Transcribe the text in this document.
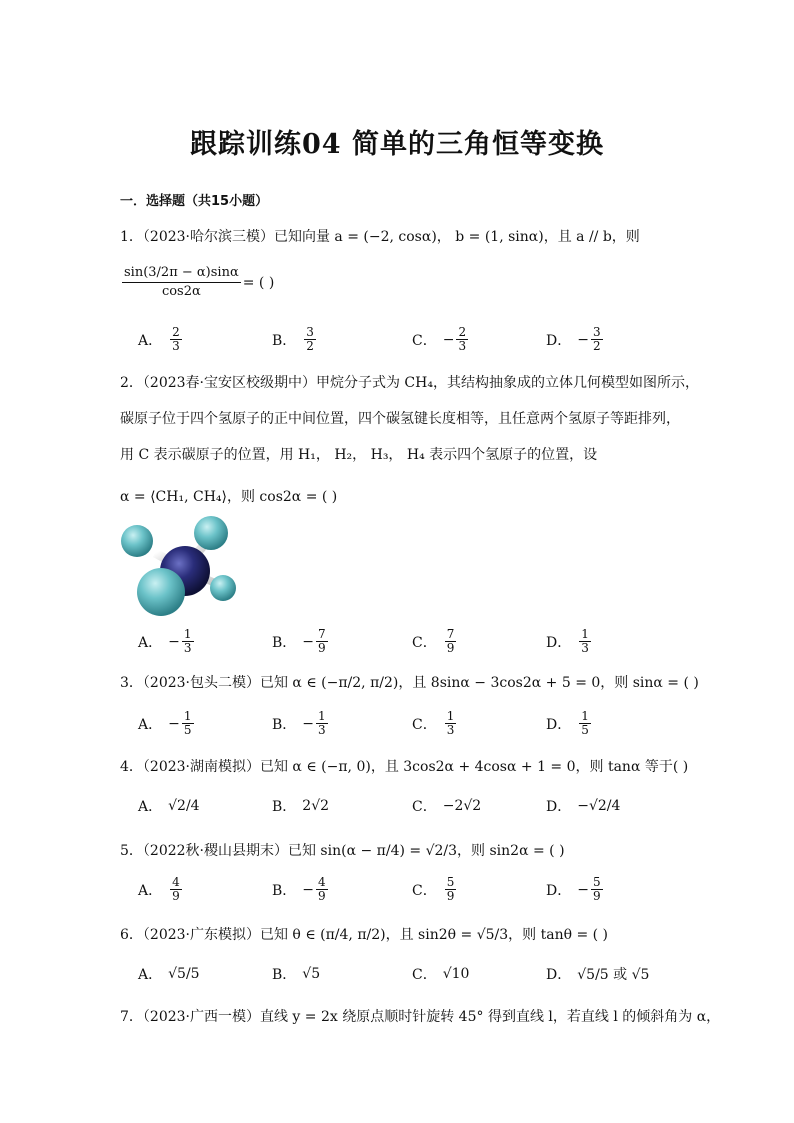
跟踪训练04 简单的三角恒等变换
一．选择题（共15小题）
1．（2023·哈尔滨三模）已知向量 a = (−2, cosα)， b = (1, sinα)，且 a // b，则
$\frac{\sin(3/2\pi - \alpha)\sin\alpha}{\cos 2\alpha}$ = ( )
A． $\frac{2}{3}$	B． $\frac{3}{2}$	C． − $\frac{2}{3}$	D． − $\frac{3}{2}$
2．（2023春·宝安区校级期中）甲烷分子式为 CH₄，其结构抽象成的立体几何模型如图所示，
碳原子位于四个氢原子的正中间位置，四个碳氢键长度相等，且任意两个氢原子等距排列，
用 C 表示碳原子的位置，用 H₁， H₂， H₃， H₄ 表示四个氢原子的位置，设
α = ⟨CH₁, CH₄⟩，则 cos2α = ( )
A． − $\frac{1}{3}$	B． − $\frac{7}{9}$	C． $\frac{7}{9}$	D． $\frac{1}{3}$
3．（2023·包头二模）已知 α ∈ (−π/2, π/2)，且 8sinα − 3cos2α + 5 = 0，则 sinα = ( )
A． − $\frac{1}{5}$	B． − $\frac{1}{3}$	C． $\frac{1}{3}$	D． $\frac{1}{5}$
4．（2023·湖南模拟）已知 α ∈ (−π, 0)，且 3cos2α + 4cosα + 1 = 0，则 tanα 等于( )
A． √2/4	B． 2√2	C． −2√2	D． −√2/4
5．（2022秋·稷山县期末）已知 sin(α − π/4) = √2/3，则 sin2α = ( )
A． $\frac{4}{9}$	B． − $\frac{4}{9}$	C． $\frac{5}{9}$	D． − $\frac{5}{9}$
6．（2023·广东模拟）已知 θ ∈ (π/4, π/2)，且 sin2θ = √5/3，则 tanθ = ( )
A． √5/5	B． √5	C． √10	D． √5/5 或 √5
7．（2023·广西一模）直线 y = 2x 绕原点顺时针旋转 45° 得到直线 l，若直线 l 的倾斜角为 α，
